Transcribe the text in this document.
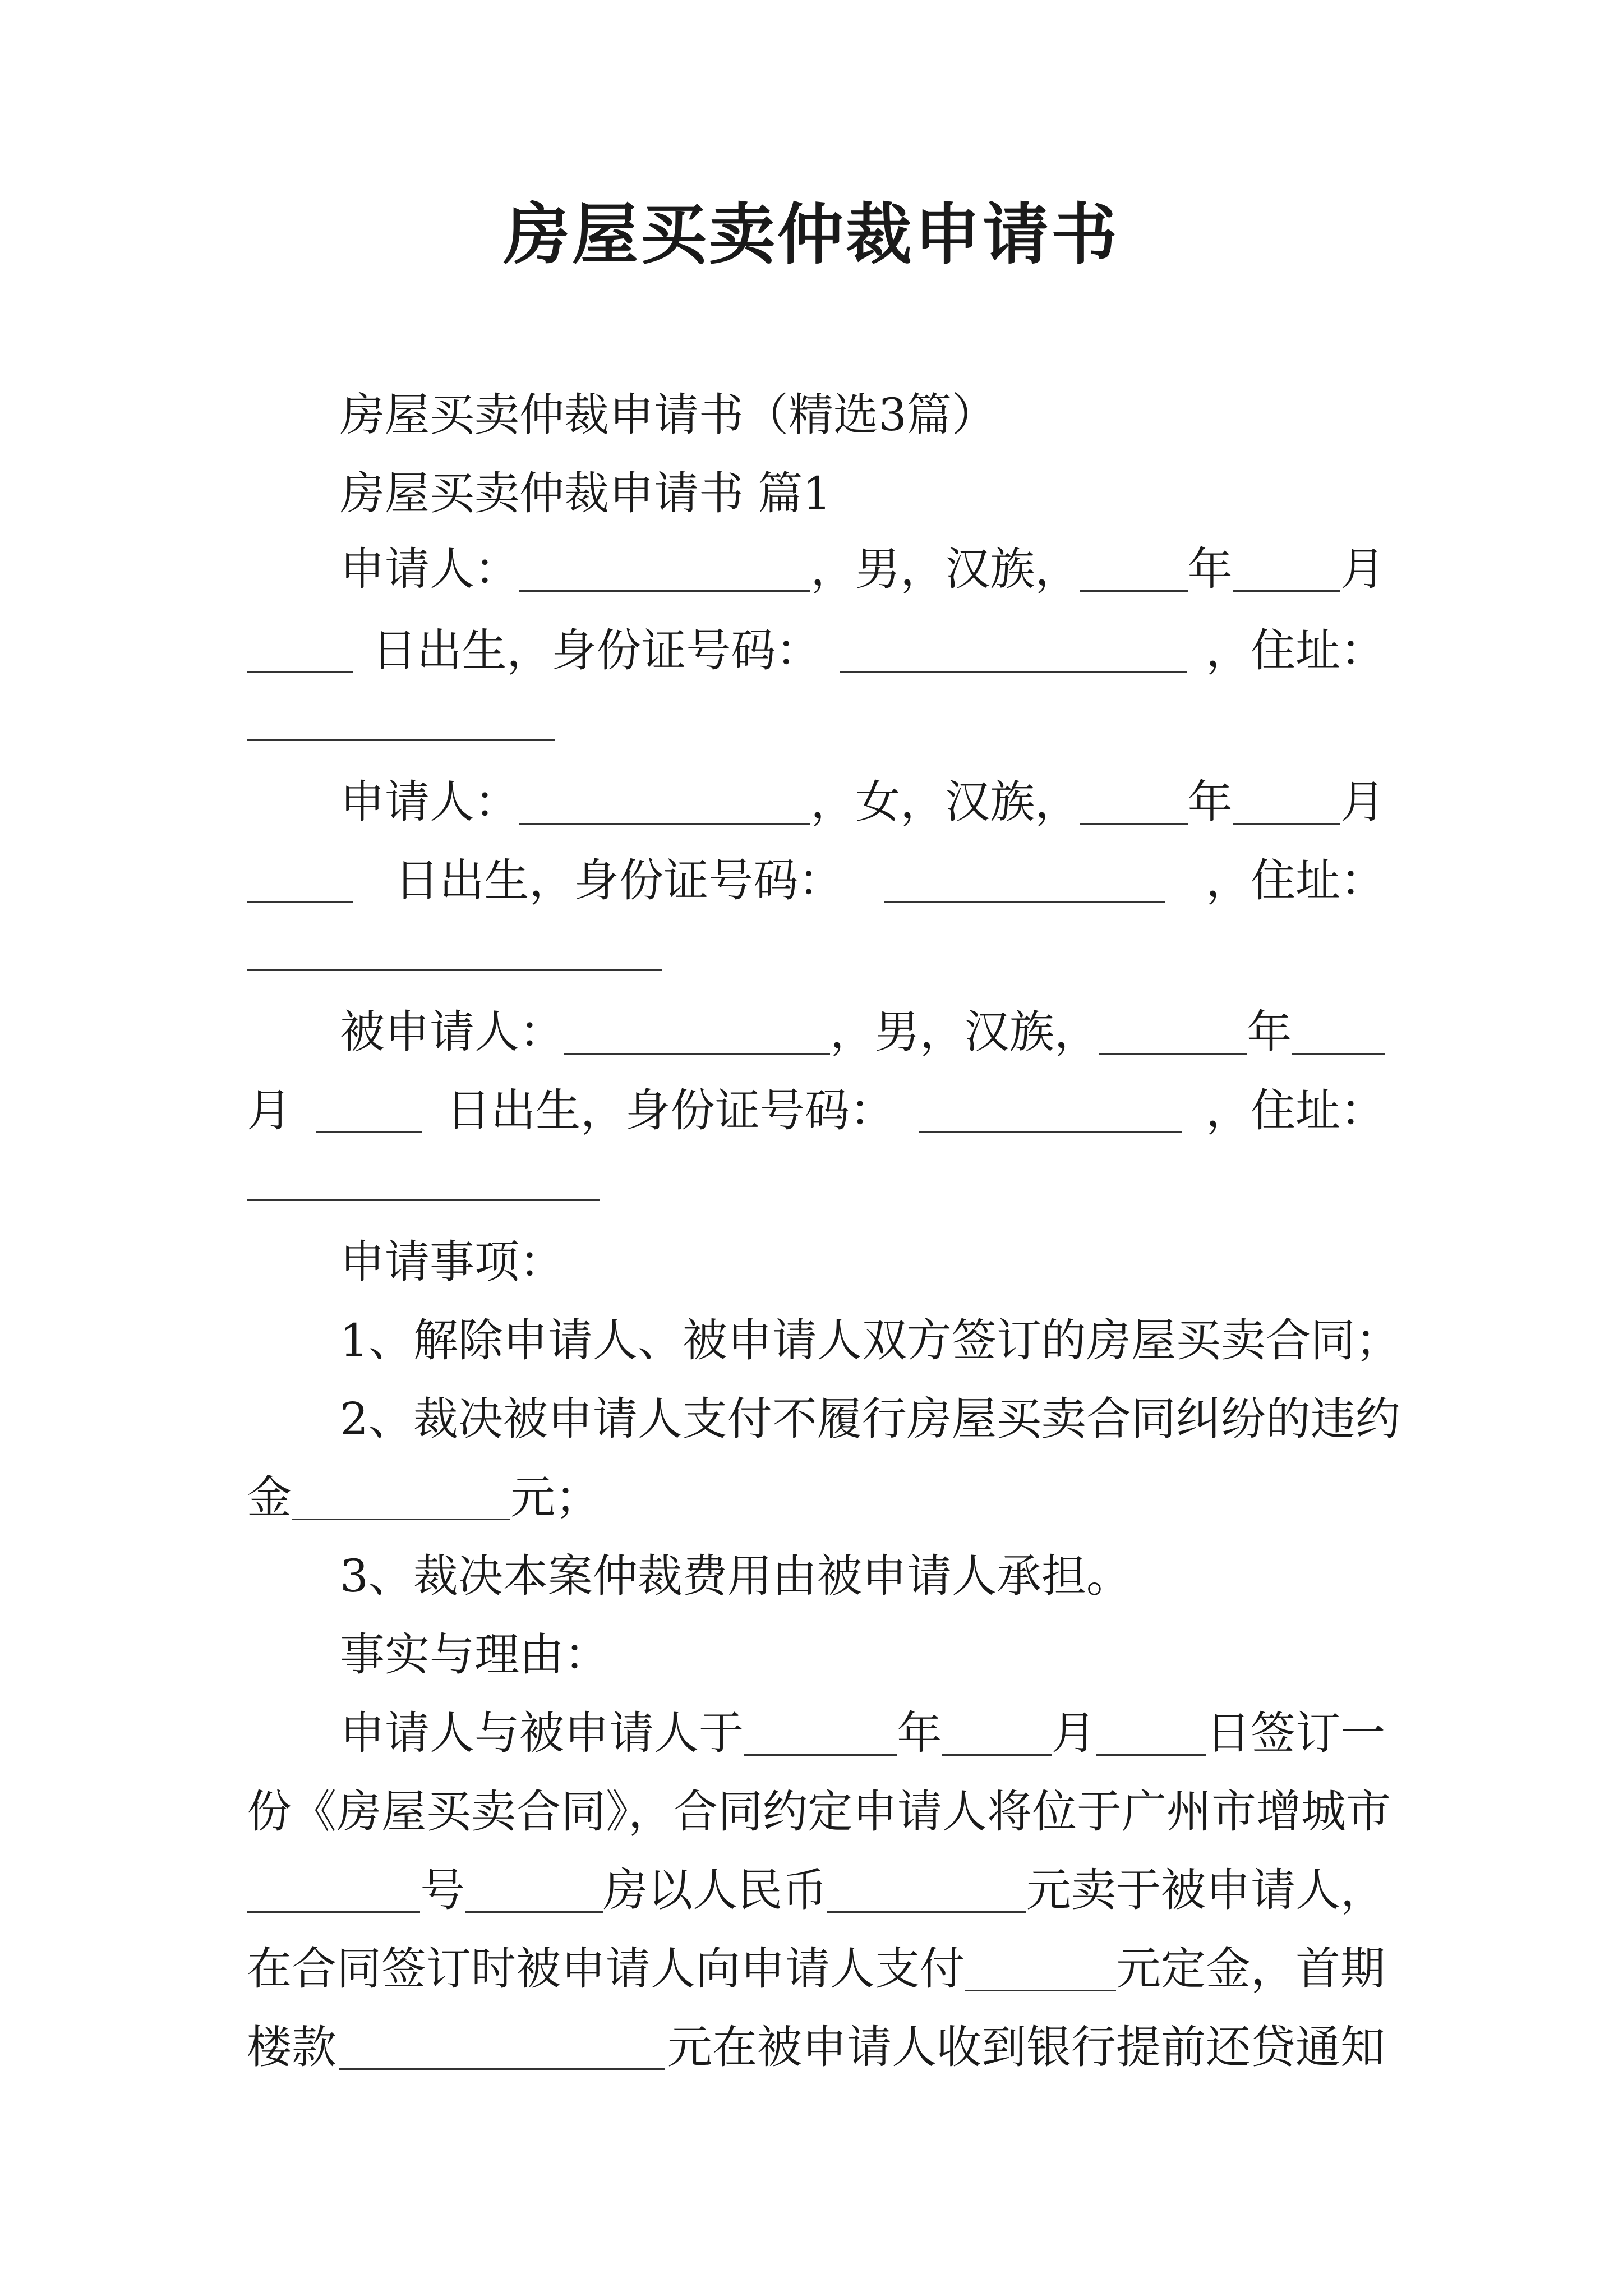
房屋买卖仲裁申请书

房屋买卖仲裁申请书（精选3篇）

房屋买卖仲裁申请书 篇1

申请人：	，男，汉族， 年 月
日出生，身份证号码：	，住址：
申请人：	，女，汉族， 年 月
日出生，身份证号码：	，住址：
被申请人：	，男，汉族，	年
月	日出生，身份证号码：	，住址：

申请事项：

1、解除申请人、被申请人双方签订的房屋买卖合同；

2、裁决被申请人支付不履行房屋买卖合同纠纷的违约

金	元；

3、裁决本案仲裁费用由被申请人承担。

事实与理由：

申请人与被申请人于	年 月 日签订一

份《房屋买卖合同》，合同约定申请人将位于广州市增城市

号	房以人民币	元卖于被申请人，
在合同签订时被申请人向申请人支付	元定金，首期
楼款	元在被申请人收到银行提前还贷通知
